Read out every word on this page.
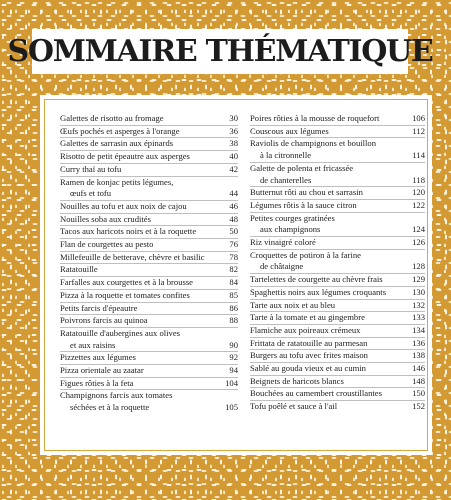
SOMMAIRE THÉMATIQUE
Galettes de risotto au fromage	30
Œufs pochés et asperges à l'orange	36
Galettes de sarrasin aux épinards	38
Risotto de petit épeautre aux asperges	40
Curry thaï au tofu	42
Ramen de konjac petits légumes,
œufs et tofu	44
Nouilles au tofu et aux noix de cajou	46
Nouilles soba aux crudités	48
Tacos aux haricots noirs et à la roquette	50
Flan de courgettes au pesto	76
Millefeuille de betterave, chèvre et basilic	78
Ratatouille	82
Farfalles aux courgettes et à la brousse	84
Pizza à la roquette et tomates confites	85
Petits farcis d'épeautre	86
Poivrons farcis au quinoa	88
Ratatouille d'aubergines aux olives
et aux raisins	90
Pizzettes aux légumes	92
Pizza orientale au zaatar	94
Figues rôties à la feta	104
Champignons farcis aux tomates
séchées et à la roquette	105
Poires rôties à la mousse de roquefort	106
Couscous aux légumes	112
Raviolis de champignons et bouillon
à la citronnelle	114
Galette de polenta et fricassée
de chanterelles	118
Butternut rôti au chou et sarrasin	120
Légumes rôtis à la sauce citron	122
Petites courges gratinées
aux champignons	124
Riz vinaigré coloré	126
Croquettes de potiron à la farine
de châtaigne	128
Tartelettes de courgette au chèvre frais	129
Spaghettis noirs aux légumes croquants	130
Tarte aux noix et au bleu	132
Tarte à la tomate et au gingembre	133
Flamiche aux poireaux crémeux	134
Frittata de ratatouille au parmesan	136
Burgers au tofu avec frites maison	138
Sablé au gouda vieux et au cumin	146
Beignets de haricots blancs	148
Bouchées au camembert croustillantes	150
Tofu poêlé et sauce à l'ail	152
